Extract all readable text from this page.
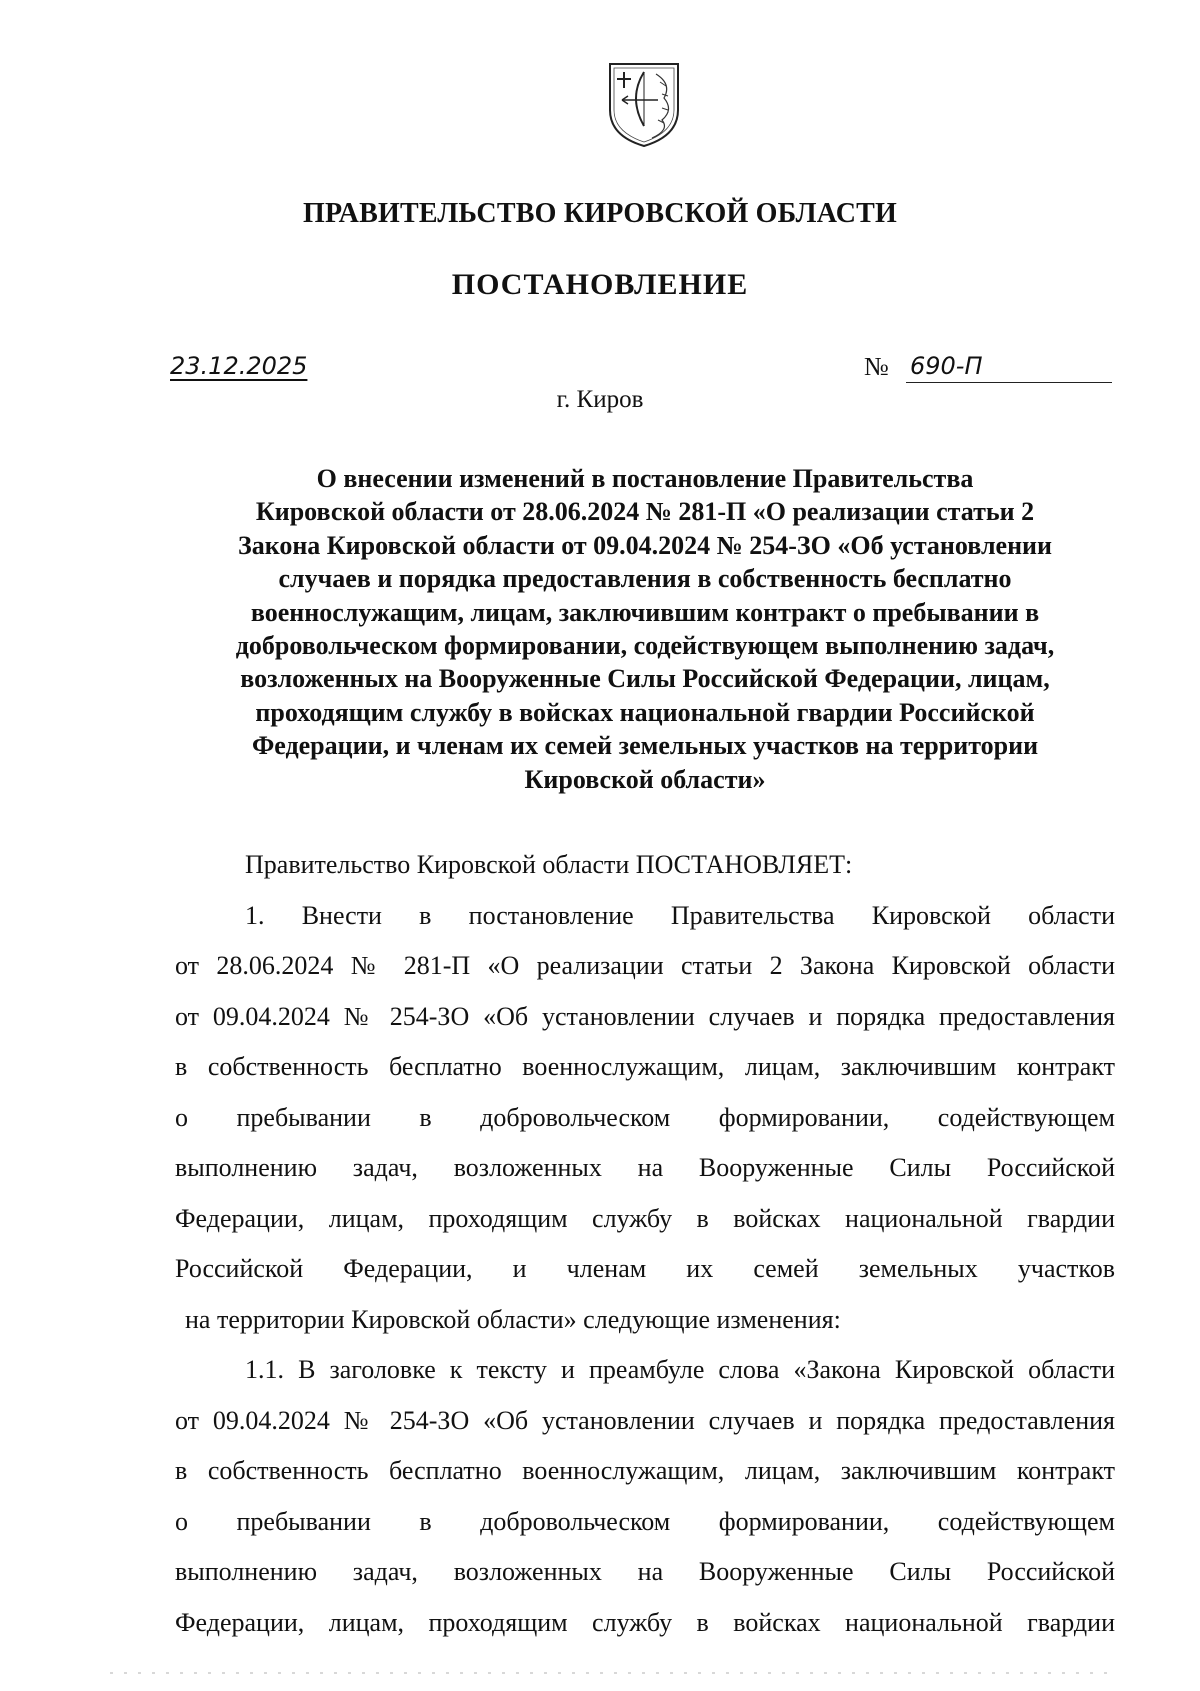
ПРАВИТЕЛЬСТВО КИРОВСКОЙ ОБЛАСТИ
ПОСТАНОВЛЕНИЕ
23.12.2025	№ 690-П
г. Киров
О внесении изменений в постановление Правительства
Кировской области от 28.06.2024 № 281-П «О реализации статьи 2
Закона Кировской области от 09.04.2024 № 254-ЗО «Об установлении
случаев и порядка предоставления в собственность бесплатно
военнослужащим, лицам, заключившим контракт о пребывании в
добровольческом формировании, содействующем выполнению задач,
возложенных на Вооруженные Силы Российской Федерации, лицам,
проходящим службу в войсках национальной гвардии Российской
Федерации, и членам их семей земельных участков на территории
Кировской области»
Правительство Кировской области ПОСТАНОВЛЯЕТ:
1. Внести в постановление Правительства Кировской области
от 28.06.2024 № 281-П «О реализации статьи 2 Закона Кировской области
от 09.04.2024 № 254-ЗО «Об установлении случаев и порядка предоставления
в собственность бесплатно военнослужащим, лицам, заключившим контракт
о пребывании в добровольческом формировании, содействующем
выполнению задач, возложенных на Вооруженные Силы Российской
Федерации, лицам, проходящим службу в войсках национальной гвардии
Российской Федерации, и членам их семей земельных участков
на территории Кировской области» следующие изменения:
1.1. В заголовке к тексту и преамбуле слова «Закона Кировской области
от 09.04.2024 № 254-ЗО «Об установлении случаев и порядка предоставления
в собственность бесплатно военнослужащим, лицам, заключившим контракт
о пребывании в добровольческом формировании, содействующем
выполнению задач, возложенных на Вооруженные Силы Российской
Федерации, лицам, проходящим службу в войсках национальной гвардии
